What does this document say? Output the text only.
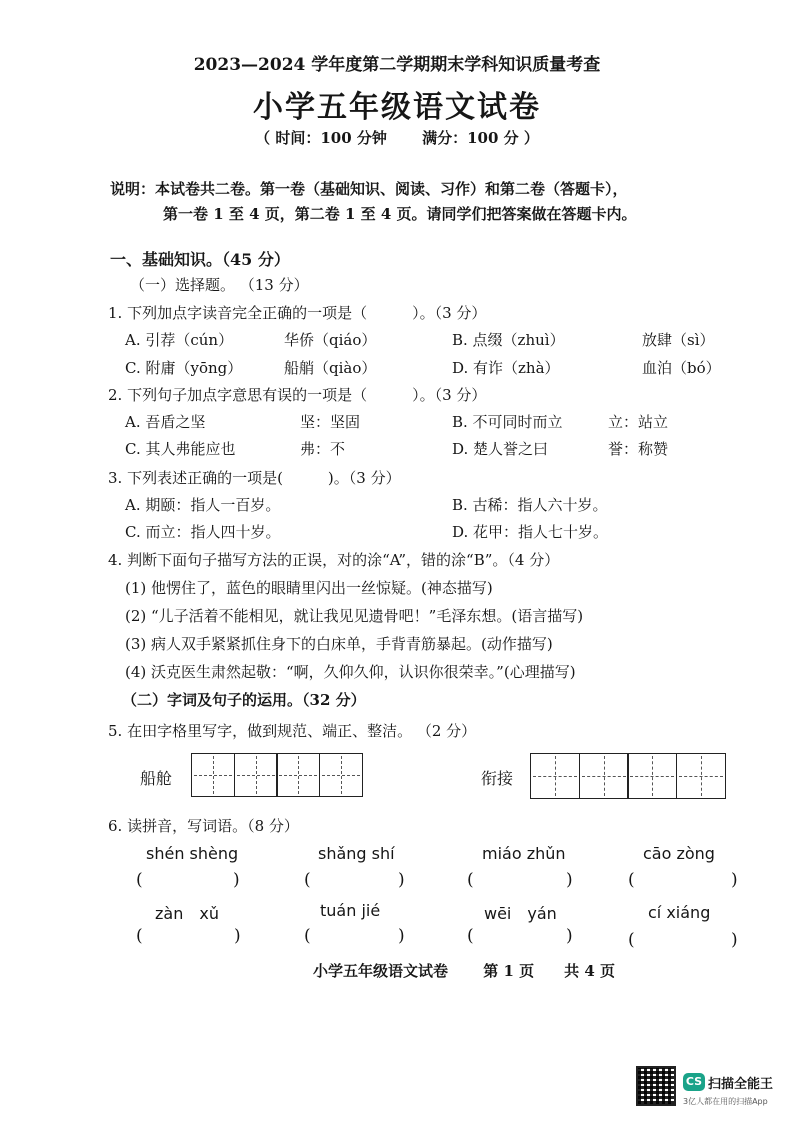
2023—2024 学年度第二学期期末学科知识质量考查
小学五年级语文试卷
（ 时间：100 分钟　　 满分：100 分 ）
说明：本试卷共二卷。第一卷（基础知识、阅读、习作）和第二卷（答题卡），
第一卷 1 至 4 页，第二卷 1 至 4 页。请同学们把答案做在答题卡内。
一、基础知识。（45 分）
（一）选择题。 （13 分）
1. 下列加点字读音完全正确的一项是（　　　）。（3 分）
A. 引荐（cún）	华侨（qiáo）	B. 点缀（zhuì）	放肆（sì）
C. 附庸（yōng）	船艄（qiào）	D. 有诈（zhà）	血泊（bó）
2. 下列句子加点字意思有误的一项是（　　　）。（3 分）
A. 吾盾之坚	坚：坚固	B. 不可同时而立	立：站立
C. 其人弗能应也	弗：不	D. 楚人誉之曰	誉：称赞
3. 下列表述正确的一项是(　　　)。（3 分）
A. 期颐：指人一百岁。	B. 古稀：指人六十岁。
C. 而立：指人四十岁。	D. 花甲：指人七十岁。
4. 判断下面句子描写方法的正误，对的涂“A”，错的涂“B”。（4 分）
(1) 他愣住了，蓝色的眼睛里闪出一丝惊疑。(神态描写)
(2) “儿子活着不能相见，就让我见见遗骨吧！”毛泽东想。(语言描写)
(3) 病人双手紧紧抓住身下的白床单，手背青筋暴起。(动作描写)
(4) 沃克医生肃然起敬：“啊，久仰久仰，认识你很荣幸。”(心理描写)
（二）字词及句子的运用。（32 分）
5. 在田字格里写字，做到规范、端正、整洁。 （2 分）
船舱	衔接
6. 读拼音，写词语。（8 分）
shén shèng	shǎng shí	miáo zhǔn	cāo zòng
(	)	(	)	(	)	(	)
zàn　xǔ	tuán jié	wēi　yán	cí xiáng
(	)	(	)	(	)	(	)
小学五年级语文试卷　　 第 1 页　　共 4 页
CS 扫描全能王
3亿人都在用的扫描App
